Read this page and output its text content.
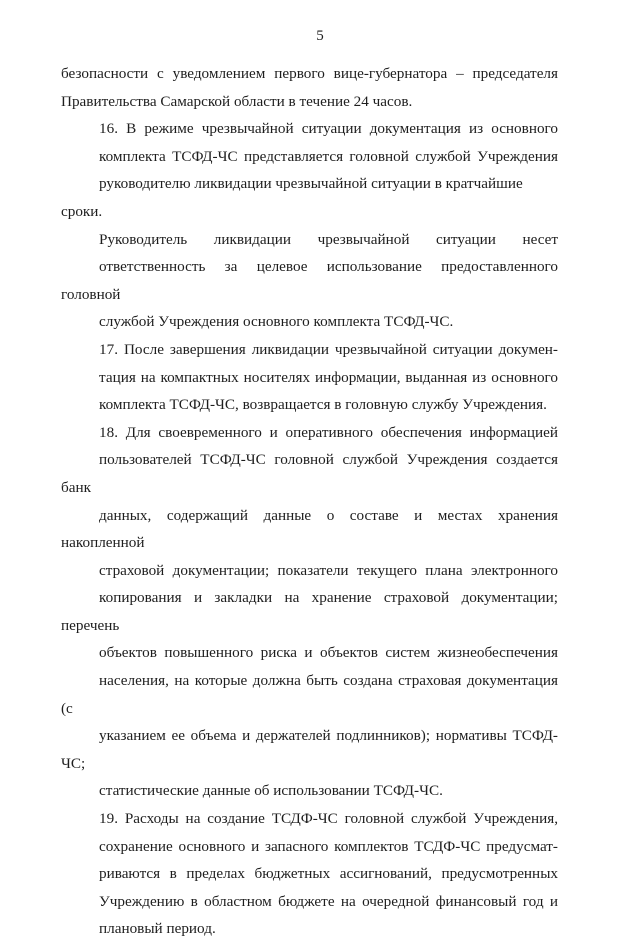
5

безопасности с уведомлением первого вице-губернатора – председателя
Правительства Самарской области в течение 24 часов.

16. В режиме чрезвычайной ситуации документация из основного
комплекта ТСФД-ЧС представляется головной службой Учреждения
руководителю ликвидации чрезвычайной ситуации в кратчайшие сроки.

Руководитель ликвидации чрезвычайной ситуации несет
ответственность за целевое использование предоставленного головной
службой Учреждения основного комплекта ТСФД-ЧС.

17. После завершения ликвидации чрезвычайной ситуации докумен-
тация на компактных носителях информации, выданная из основного
комплекта ТСФД-ЧС, возвращается в головную службу Учреждения.

18. Для своевременного и оперативного обеспечения информацией
пользователей ТСФД-ЧС головной службой Учреждения создается банк
данных, содержащий данные о составе и местах хранения накопленной
страховой документации; показатели текущего плана электронного
копирования и закладки на хранение страховой документации; перечень
объектов повышенного риска и объектов систем жизнеобеспечения
населения, на которые должна быть создана страховая документация (с
указанием ее объема и держателей подлинников); нормативы ТСФД-ЧС;
статистические данные об использовании ТСФД-ЧС.

19. Расходы на создание ТСДФ-ЧС головной службой Учреждения,
сохранение основного и запасного комплектов ТСДФ-ЧС предусмат-
риваются в пределах бюджетных ассигнований, предусмотренных
Учреждению в областном бюджете на очередной финансовый год и
плановый период.
